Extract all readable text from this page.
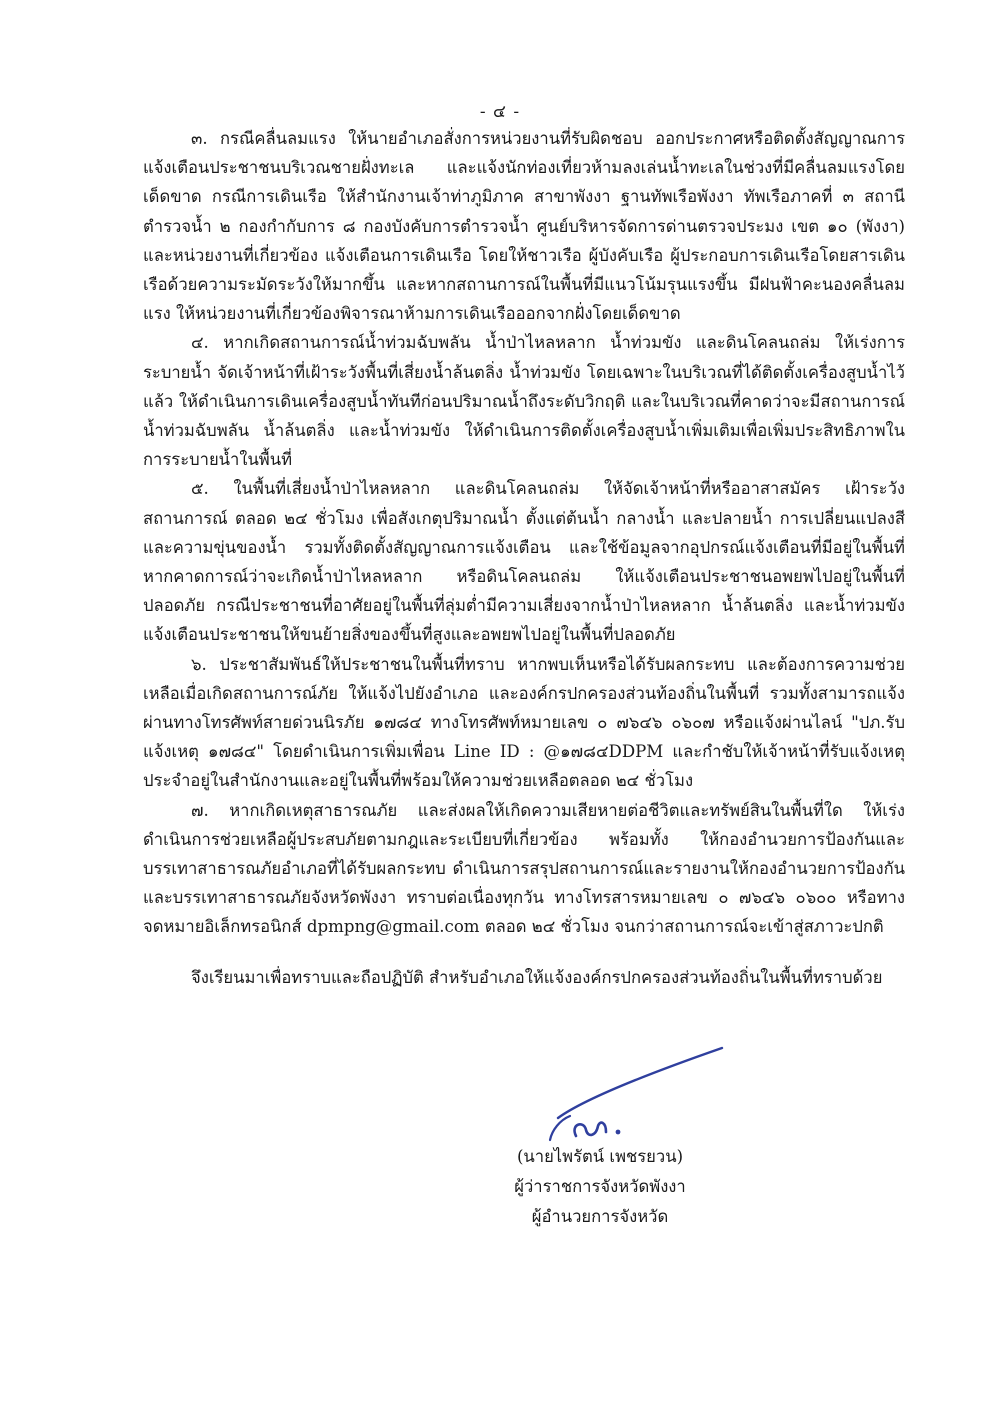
- ๔ -

๓. กรณีคลื่นลมแรง ให้นายอำเภอสั่งการหน่วยงานที่รับผิดชอบ ออกประกาศหรือติดตั้งสัญญาณการแจ้งเตือนประชาชนบริเวณชายฝั่งทะเล และแจ้งนักท่องเที่ยวห้ามลงเล่นน้ำทะเลในช่วงที่มีคลื่นลมแรงโดยเด็ดขาด กรณีการเดินเรือ ให้สำนักงานเจ้าท่าภูมิภาค สาขาพังงา ฐานทัพเรือพังงา ทัพเรือภาคที่ ๓ สถานีตำรวจน้ำ ๒ กองกำกับการ ๘ กองบังคับการตำรวจน้ำ ศูนย์บริหารจัดการด่านตรวจประมง เขต ๑๐ (พังงา) และหน่วยงานที่เกี่ยวข้อง แจ้งเตือนการเดินเรือ โดยให้ชาวเรือ ผู้บังคับเรือ ผู้ประกอบการเดินเรือโดยสารเดินเรือด้วยความระมัดระวังให้มากขึ้น และหากสถานการณ์ในพื้นที่มีแนวโน้มรุนแรงขึ้น มีฝนฟ้าคะนองคลื่นลมแรง ให้หน่วยงานที่เกี่ยวข้องพิจารณาห้ามการเดินเรือออกจากฝั่งโดยเด็ดขาด

๔. หากเกิดสถานการณ์น้ำท่วมฉับพลัน น้ำป่าไหลหลาก น้ำท่วมขัง และดินโคลนถล่ม ให้เร่งการระบายน้ำ จัดเจ้าหน้าที่เฝ้าระวังพื้นที่เสี่ยงน้ำล้นตลิ่ง น้ำท่วมขัง โดยเฉพาะในบริเวณที่ได้ติดตั้งเครื่องสูบน้ำไว้แล้ว ให้ดำเนินการเดินเครื่องสูบน้ำทันทีก่อนปริมาณน้ำถึงระดับวิกฤติ และในบริเวณที่คาดว่าจะมีสถานการณ์น้ำท่วมฉับพลัน น้ำล้นตลิ่ง และน้ำท่วมขัง ให้ดำเนินการติดตั้งเครื่องสูบน้ำเพิ่มเติมเพื่อเพิ่มประสิทธิภาพในการระบายน้ำในพื้นที่

๕. ในพื้นที่เสี่ยงน้ำป่าไหลหลาก และดินโคลนถล่ม ให้จัดเจ้าหน้าที่หรืออาสาสมัคร เฝ้าระวังสถานการณ์ ตลอด ๒๔ ชั่วโมง เพื่อสังเกตุปริมาณน้ำ ตั้งแต่ต้นน้ำ กลางน้ำ และปลายน้ำ การเปลี่ยนแปลงสีและความขุ่นของน้ำ รวมทั้งติดตั้งสัญญาณการแจ้งเตือน และใช้ข้อมูลจากอุปกรณ์แจ้งเตือนที่มีอยู่ในพื้นที่ หากคาดการณ์ว่าจะเกิดน้ำป่าไหลหลาก หรือดินโคลนถล่ม ให้แจ้งเตือนประชาชนอพยพไปอยู่ในพื้นที่ปลอดภัย กรณีประชาชนที่อาศัยอยู่ในพื้นที่ลุ่มต่ำมีความเสี่ยงจากน้ำป่าไหลหลาก น้ำล้นตลิ่ง และน้ำท่วมขัง แจ้งเตือนประชาชนให้ขนย้ายสิ่งของขึ้นที่สูงและอพยพไปอยู่ในพื้นที่ปลอดภัย

๖. ประชาสัมพันธ์ให้ประชาชนในพื้นที่ทราบ หากพบเห็นหรือได้รับผลกระทบ และต้องการความช่วยเหลือเมื่อเกิดสถานการณ์ภัย ให้แจ้งไปยังอำเภอ และองค์กรปกครองส่วนท้องถิ่นในพื้นที่ รวมทั้งสามารถแจ้งผ่านทางโทรศัพท์สายด่วนนิรภัย ๑๗๘๔ ทางโทรศัพท์หมายเลข ๐ ๗๖๔๖ ๐๖๐๗ หรือแจ้งผ่านไลน์ "ปภ.รับแจ้งเหตุ ๑๗๘๔" โดยดำเนินการเพิ่มเพื่อน Line ID : @๑๗๘๔DDPM และกำชับให้เจ้าหน้าที่รับแจ้งเหตุประจำอยู่ในสำนักงานและอยู่ในพื้นที่พร้อมให้ความช่วยเหลือตลอด ๒๔ ชั่วโมง

๗. หากเกิดเหตุสาธารณภัย และส่งผลให้เกิดความเสียหายต่อชีวิตและทรัพย์สินในพื้นที่ใด ให้เร่งดำเนินการช่วยเหลือผู้ประสบภัยตามกฎและระเบียบที่เกี่ยวข้อง พร้อมทั้ง ให้กองอำนวยการป้องกันและบรรเทาสาธารณภัยอำเภอที่ได้รับผลกระทบ ดำเนินการสรุปสถานการณ์และรายงานให้กองอำนวยการป้องกันและบรรเทาสาธารณภัยจังหวัดพังงา ทราบต่อเนื่องทุกวัน ทางโทรสารหมายเลข ๐ ๗๖๔๖ ๐๖๐๐ หรือทางจดหมายอิเล็กทรอนิกส์ dpmpng@gmail.com ตลอด ๒๔ ชั่วโมง จนกว่าสถานการณ์จะเข้าสู่สภาวะปกติ

จึงเรียนมาเพื่อทราบและถือปฏิบัติ สำหรับอำเภอให้แจ้งองค์กรปกครองส่วนท้องถิ่นในพื้นที่ทราบด้วย

(นายไพรัตน์ เพชรยวน)
ผู้ว่าราชการจังหวัดพังงา
ผู้อำนวยการจังหวัด
